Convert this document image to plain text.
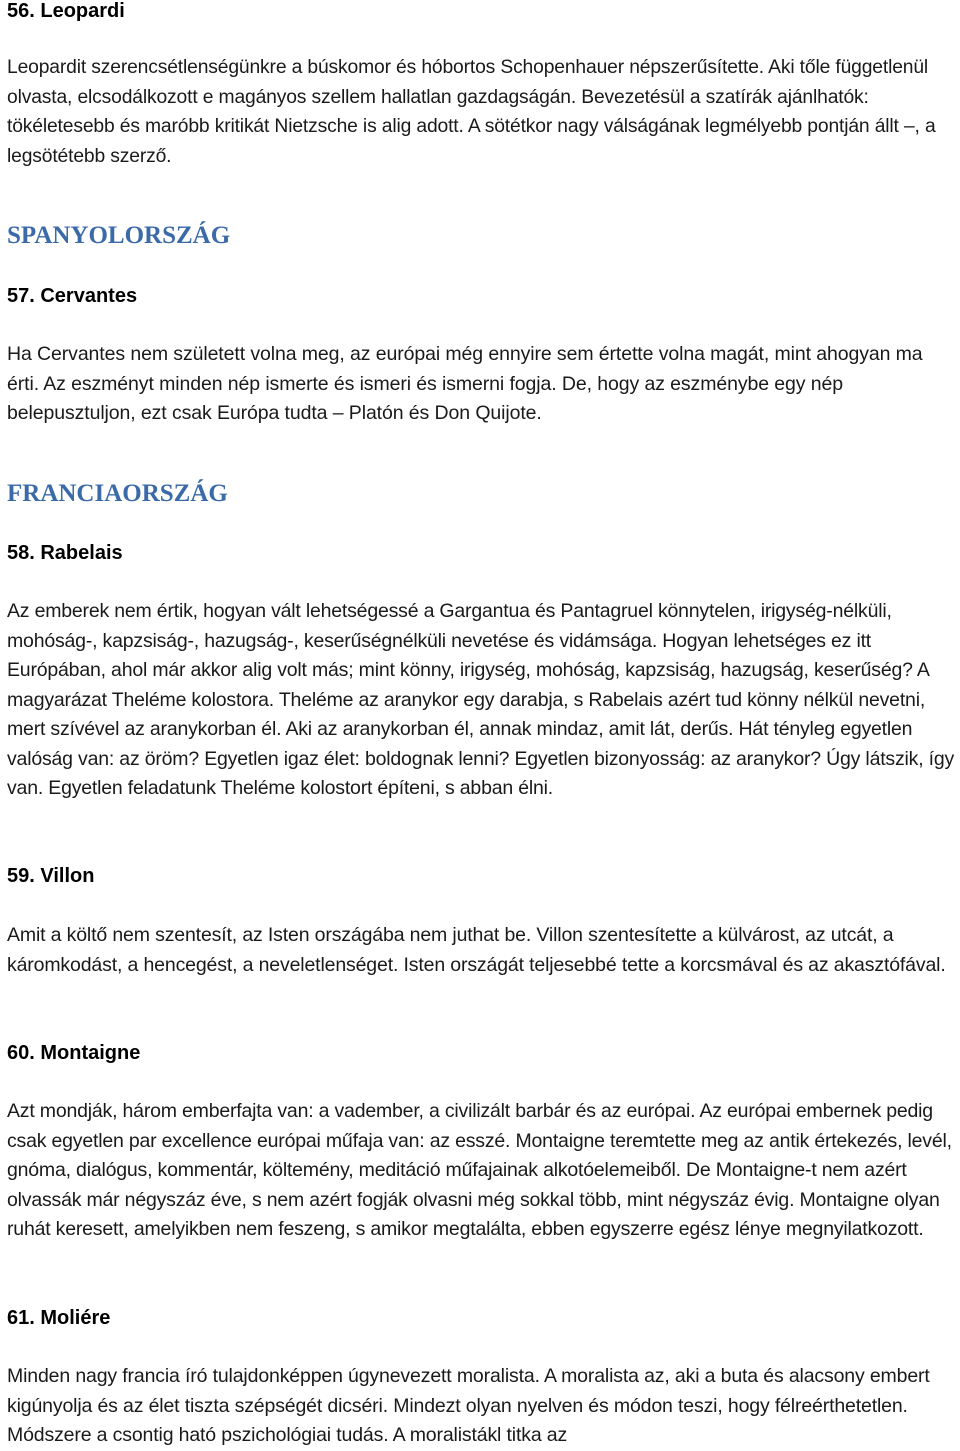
56. Leopardi

Leopardit szerencsétlenségünkre a búskomor és hóbortos Schopenhauer népszerűsítette. Aki tőle függetlenül olvasta, elcsodálkozott e magányos szellem hallatlan gazdagságán. Bevezetésül a szatírák ajánlhatók: tökéletesebb és maróbb kritikát Nietzsche is alig adott. A sötétkor nagy válságának legmélyebb pontján állt –, a legsötétebb szerző.

SPANYOLORSZÁG
57. Cervantes

Ha Cervantes nem született volna meg, az európai még ennyire sem értette volna magát, mint ahogyan ma érti. Az eszményt minden nép ismerte és ismeri és ismerni fogja. De, hogy az eszménybe egy nép belepusztuljon, ezt csak Európa tudta – Platón és Don Quijote.

FRANCIAORSZÁG
58. Rabelais

Az emberek nem értik, hogyan vált lehetségessé a Gargantua és Pantagruel könnytelen, irigység-nélküli, mohóság-, kapzsiság-, hazugság-, keserűségnélküli nevetése és vidámsága. Hogyan lehetséges ez itt Európában, ahol már akkor alig volt más; mint könny, irigység, mohóság, kapzsiság, hazugság, keserűség? A magyarázat Theléme kolostora. Theléme az aranykor egy darabja, s Rabelais azért tud könny nélkül nevetni, mert szívével az aranykorban él. Aki az aranykorban él, annak mindaz, amit lát, derűs. Hát tényleg egyetlen valóság van: az öröm? Egyetlen igaz élet: boldognak lenni? Egyetlen bizonyosság: az aranykor? Úgy látszik, így van. Egyetlen feladatunk Theléme kolostort építeni, s abban élni.

59. Villon

Amit a költő nem szentesít, az Isten országába nem juthat be. Villon szentesítette a külvárost, az utcát, a káromkodást, a hencegést, a neveletlenséget. Isten országát teljesebbé tette a korcsmával és az akasztófával.

60. Montaigne

Azt mondják, három emberfajta van: a vadember, a civilizált barbár és az európai. Az európai embernek pedig csak egyetlen par excellence európai műfaja van: az esszé. Montaigne teremtette meg az antik értekezés, levél, gnóma, dialógus, kommentár, költemény, meditáció műfajainak alkotóelemeiből. De Montaigne-t nem azért olvassák már négyszáz éve, s nem azért fogják olvasni még sokkal több, mint négyszáz évig. Montaigne olyan ruhát keresett, amelyikben nem feszeng, s amikor megtalálta, ebben egyszerre egész lénye megnyilatkozott.

61. Moliére

Minden nagy francia író tulajdonképpen úgynevezett moralista. A moralista az, aki a buta és alacsony embert kigúnyolja és az élet tiszta szépségét dicséri. Mindezt olyan nyelven és módon teszi, hogy félreérthetetlen. Módszere a csontig ható pszichológiai tudás. A moralistákl titka az
